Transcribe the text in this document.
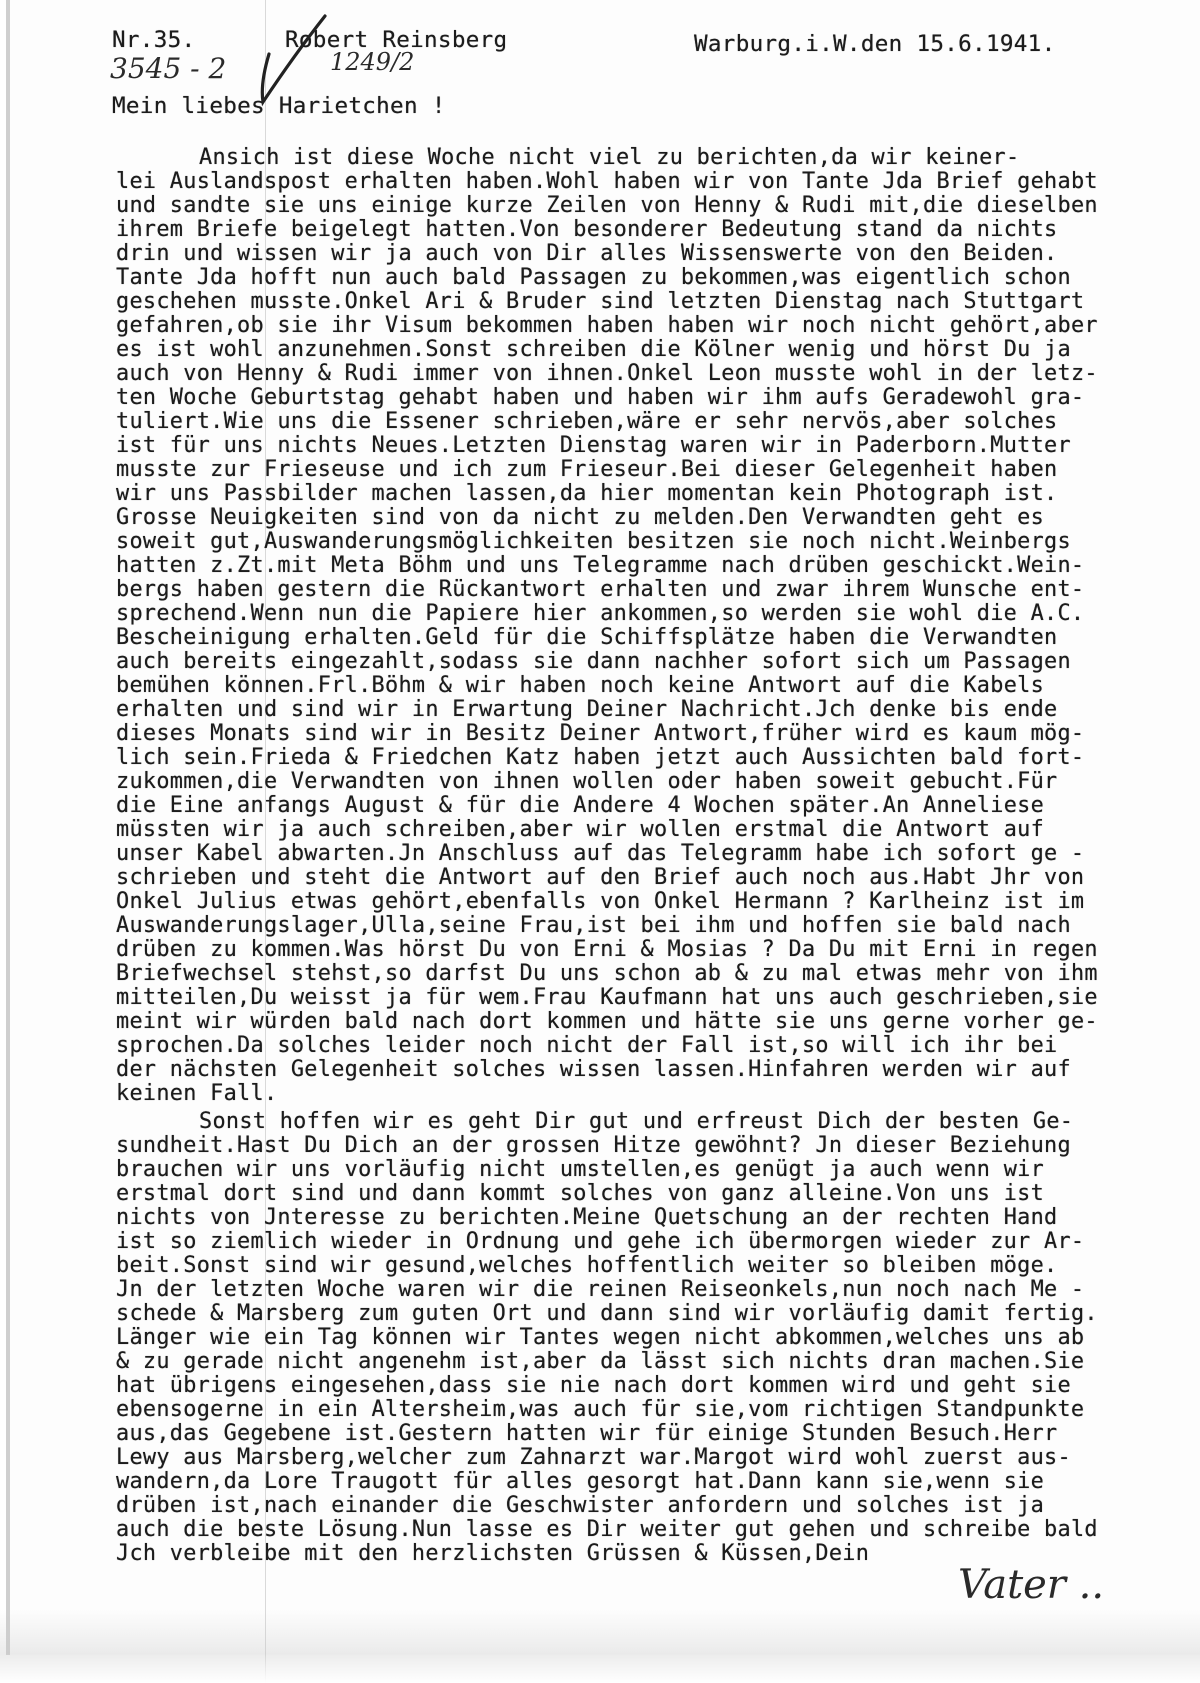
Nr.35.	Robert Reinsberg	Warburg.i.W.den 15.6.1941.
3545 - 2	1249/2
Mein liebes Harietchen !
Ansich ist diese Woche nicht viel zu berichten,da wir keiner-
lei Auslandspost erhalten haben.Wohl haben wir von Tante Jda Brief gehabt
und sandte sie uns einige kurze Zeilen von Henny & Rudi mit,die dieselben
ihrem Briefe beigelegt hatten.Von besonderer Bedeutung stand da nichts
drin und wissen wir ja auch von Dir alles Wissenswerte von den Beiden.
Tante Jda hofft nun auch bald Passagen zu bekommen,was eigentlich schon
geschehen musste.Onkel Ari & Bruder sind letzten Dienstag nach Stuttgart
gefahren,ob sie ihr Visum bekommen haben haben wir noch nicht gehört,aber
es ist wohl anzunehmen.Sonst schreiben die Kölner wenig und hörst Du ja
auch von Henny & Rudi immer von ihnen.Onkel Leon musste wohl in der letz-
ten Woche Geburtstag gehabt haben und haben wir ihm aufs Geradewohl gra-
tuliert.Wie uns die Essener schrieben,wäre er sehr nervös,aber solches
ist für uns nichts Neues.Letzten Dienstag waren wir in Paderborn.Mutter
musste zur Frieseuse und ich zum Frieseur.Bei dieser Gelegenheit haben
wir uns Passbilder machen lassen,da hier momentan kein Photograph ist.
Grosse Neuigkeiten sind von da nicht zu melden.Den Verwandten geht es
soweit gut,Auswanderungsmöglichkeiten besitzen sie noch nicht.Weinbergs
hatten z.Zt.mit Meta Böhm und uns Telegramme nach drüben geschickt.Wein-
bergs haben gestern die Rückantwort erhalten und zwar ihrem Wunsche ent-
sprechend.Wenn nun die Papiere hier ankommen,so werden sie wohl die A.C.
Bescheinigung erhalten.Geld für die Schiffsplätze haben die Verwandten
auch bereits eingezahlt,sodass sie dann nachher sofort sich um Passagen
bemühen können.Frl.Böhm & wir haben noch keine Antwort auf die Kabels
erhalten und sind wir in Erwartung Deiner Nachricht.Jch denke bis ende
dieses Monats sind wir in Besitz Deiner Antwort,früher wird es kaum mög-
lich sein.Frieda & Friedchen Katz haben jetzt auch Aussichten bald fort-
zukommen,die Verwandten von ihnen wollen oder haben soweit gebucht.Für
die Eine anfangs August & für die Andere 4 Wochen später.An Anneliese
müssten wir ja auch schreiben,aber wir wollen erstmal die Antwort auf
unser Kabel abwarten.Jn Anschluss auf das Telegramm habe ich sofort ge -
schrieben und steht die Antwort auf den Brief auch noch aus.Habt Jhr von
Onkel Julius etwas gehört,ebenfalls von Onkel Hermann ? Karlheinz ist im
Auswanderungslager,Ulla,seine Frau,ist bei ihm und hoffen sie bald nach
drüben zu kommen.Was hörst Du von Erni & Mosias ? Da Du mit Erni in regen
Briefwechsel stehst,so darfst Du uns schon ab & zu mal etwas mehr von ihm
mitteilen,Du weisst ja für wem.Frau Kaufmann hat uns auch geschrieben,sie
meint wir würden bald nach dort kommen und hätte sie uns gerne vorher ge-
sprochen.Da solches leider noch nicht der Fall ist,so will ich ihr bei
der nächsten Gelegenheit solches wissen lassen.Hinfahren werden wir auf
keinen Fall.
Sonst hoffen wir es geht Dir gut und erfreust Dich der besten Ge-
sundheit.Hast Du Dich an der grossen Hitze gewöhnt? Jn dieser Beziehung
brauchen wir uns vorläufig nicht umstellen,es genügt ja auch wenn wir
erstmal dort sind und dann kommt solches von ganz alleine.Von uns ist
nichts von Jnteresse zu berichten.Meine Quetschung an der rechten Hand
ist so ziemlich wieder in Ordnung und gehe ich übermorgen wieder zur Ar-
beit.Sonst sind wir gesund,welches hoffentlich weiter so bleiben möge.
Jn der letzten Woche waren wir die reinen Reiseonkels,nun noch nach Me -
schede & Marsberg zum guten Ort und dann sind wir vorläufig damit fertig.
Länger wie ein Tag können wir Tantes wegen nicht abkommen,welches uns ab
& zu gerade nicht angenehm ist,aber da lässt sich nichts dran machen.Sie
hat übrigens eingesehen,dass sie nie nach dort kommen wird und geht sie
ebensogerne in ein Altersheim,was auch für sie,vom richtigen Standpunkte
aus,das Gegebene ist.Gestern hatten wir für einige Stunden Besuch.Herr
Lewy aus Marsberg,welcher zum Zahnarzt war.Margot wird wohl zuerst aus-
wandern,da Lore Traugott für alles gesorgt hat.Dann kann sie,wenn sie
drüben ist,nach einander die Geschwister anfordern und solches ist ja
auch die beste Lösung.Nun lasse es Dir weiter gut gehen und schreibe bald
Jch verbleibe mit den herzlichsten Grüssen & Küssen,Dein
Vater ..
